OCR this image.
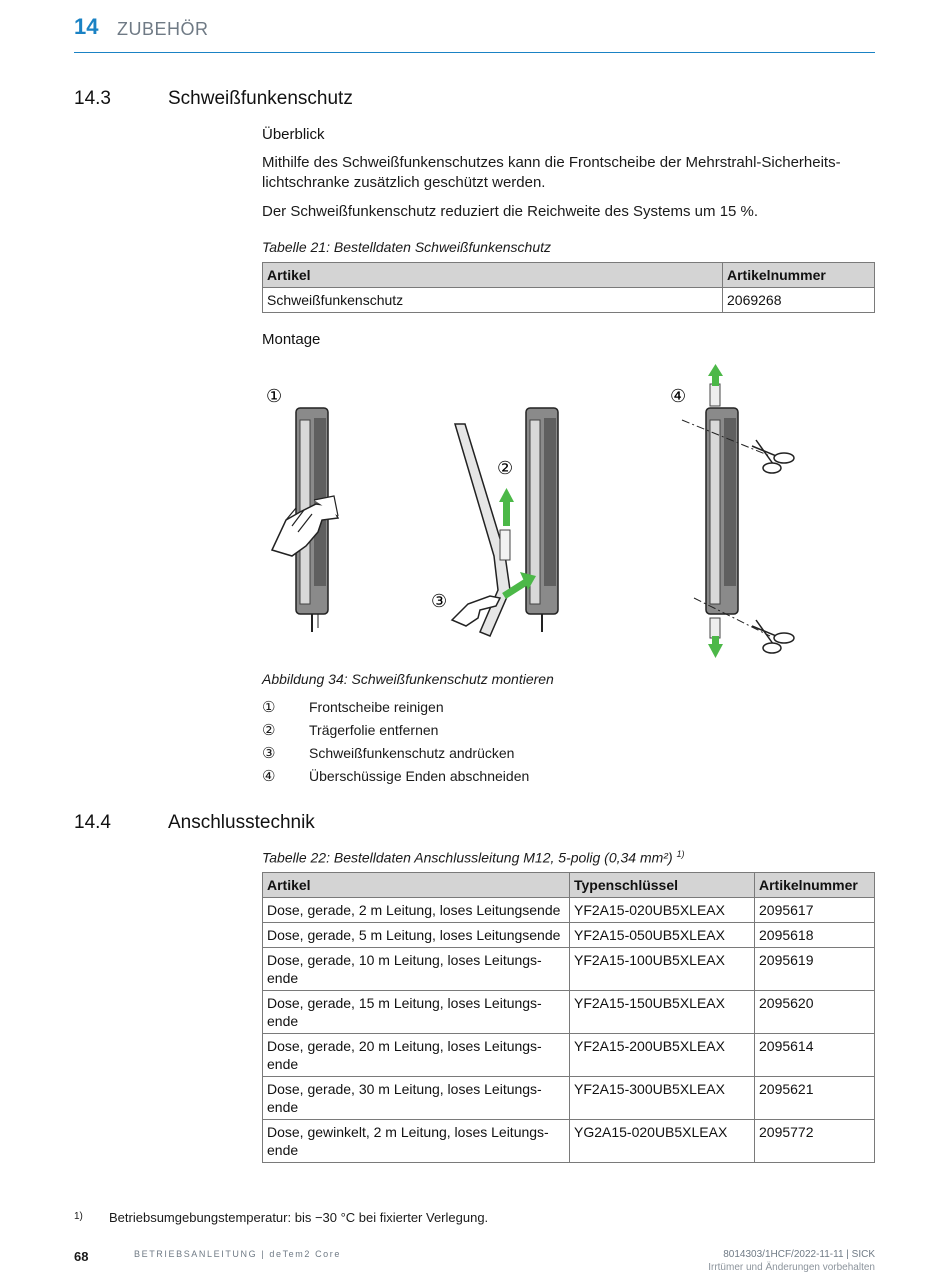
14 ZUBEHÖR
14.3	Schweißfunkenschutz
Überblick
Mithilfe des Schweißfunkenschutzes kann die Frontscheibe der Mehrstrahl-Sicherheits-lichtschranke zusätzlich geschützt werden.
Der Schweißfunkenschutz reduziert die Reichweite des Systems um 15 %.
Tabelle 21: Bestelldaten Schweißfunkenschutz
Artikel	Artikelnummer
Schweißfunkenschutz	2069268
Montage
①
②
③
④
Abbildung 34: Schweißfunkenschutz montieren
① Frontscheibe reinigen
② Trägerfolie entfernen
③ Schweißfunkenschutz andrücken
④ Überschüssige Enden abschneiden
14.4	Anschlusstechnik
Tabelle 22: Bestelldaten Anschlussleitung M12, 5-polig (0,34 mm²) $^{1)}$
Artikel	Typenschlüssel	Artikelnummer
Dose, gerade, 2 m Leitung, loses Leitungsende	YF2A15-020UB5XLEAX	2095617
Dose, gerade, 5 m Leitung, loses Leitungsende	YF2A15-050UB5XLEAX	2095618
Dose, gerade, 10 m Leitung, loses Leitungs-ende	YF2A15-100UB5XLEAX	2095619
Dose, gerade, 15 m Leitung, loses Leitungs-ende	YF2A15-150UB5XLEAX	2095620
Dose, gerade, 20 m Leitung, loses Leitungs-ende	YF2A15-200UB5XLEAX	2095614
Dose, gerade, 30 m Leitung, loses Leitungs-ende	YF2A15-300UB5XLEAX	2095621
Dose, gewinkelt, 2 m Leitung, loses Leitungs-ende	YG2A15-020UB5XLEAX	2095772
1) Betriebsumgebungstemperatur: bis −30 °C bei fixierter Verlegung.
68	BETRIEBSANLEITUNG | deTem2 Core	8014303/1HCF/2022-11-11 | SICK
Irrtümer und Änderungen vorbehalten
